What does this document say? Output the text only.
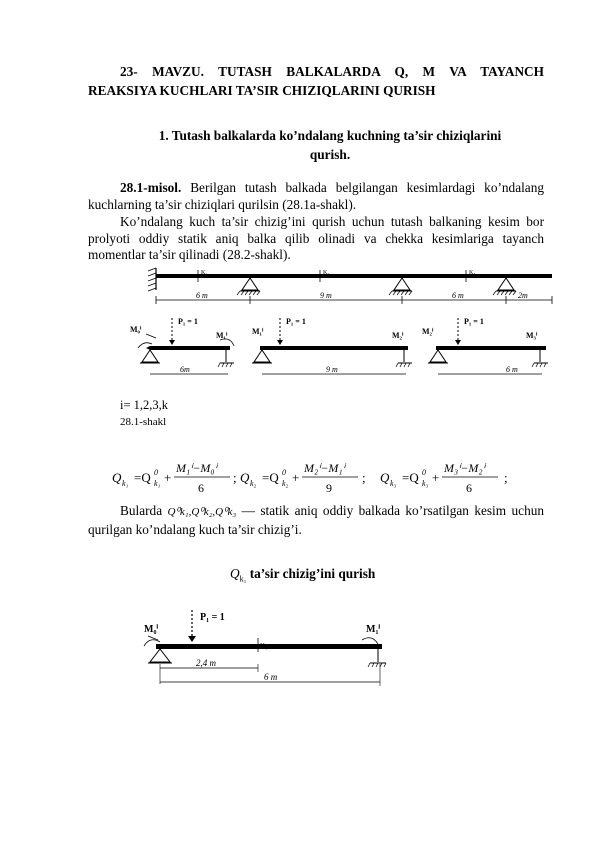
23- MAVZU. TUTASH BALKALARDA Q, M VA TAYANCH
REAKSIYA KUCHLARI TA’SIR CHIZIQLARINI QURISH
1. Tutash balkalarda ko’ndalang kuchning ta’sir chiziqlarini
qurish.
28.1-misol. Berilgan tutash balkada belgilangan kesimlardagi ko’ndalang kuchlarning ta’sir chiziqlari qurilsin (28.1a-shakl).
Ko’ndalang kuch ta’sir chizig’ini qurish uchun tutash balkaning kesim bor prolyoti oddiy statik aniq balka qilib olinadi va chekka kesimlariga tayanch momentlar ta’sir qilinadi (28.2-shakl).
K₁	K₂	K₃
6 m	9 m	6 m	2m
M₀ⁱ
P₁ = 1
M₁ⁱ
6m
M₁ⁱ
P₁ = 1
M₂ⁱ
9 m
M₂ⁱ
P₁ = 1
M₃ⁱ
6 m
i= 1,2,3,k
28.1-shakl
Q k₁ =Q k₁
0 +
M₁ⁱ−M₀ⁱ
6
; Q k₂ =Q k₂
0 +
M₂ⁱ−M₁ⁱ
9
; Q k₃ =Q k₃
0 +
M₃ⁱ−M₂ⁱ
6
;
Bularda Q⁰k₁,Q⁰k₂,Q⁰k₃ — statik aniq oddiy balkada ko’rsatilgan kesim uchun qurilgan ko’ndalang kuch ta’sir chizig’i.
$Q_{k_1}$ ta’sir chizig’ini qurish
M₀ⁱ
P₁ = 1
M₁ⁱ
2,4 m
6 m
